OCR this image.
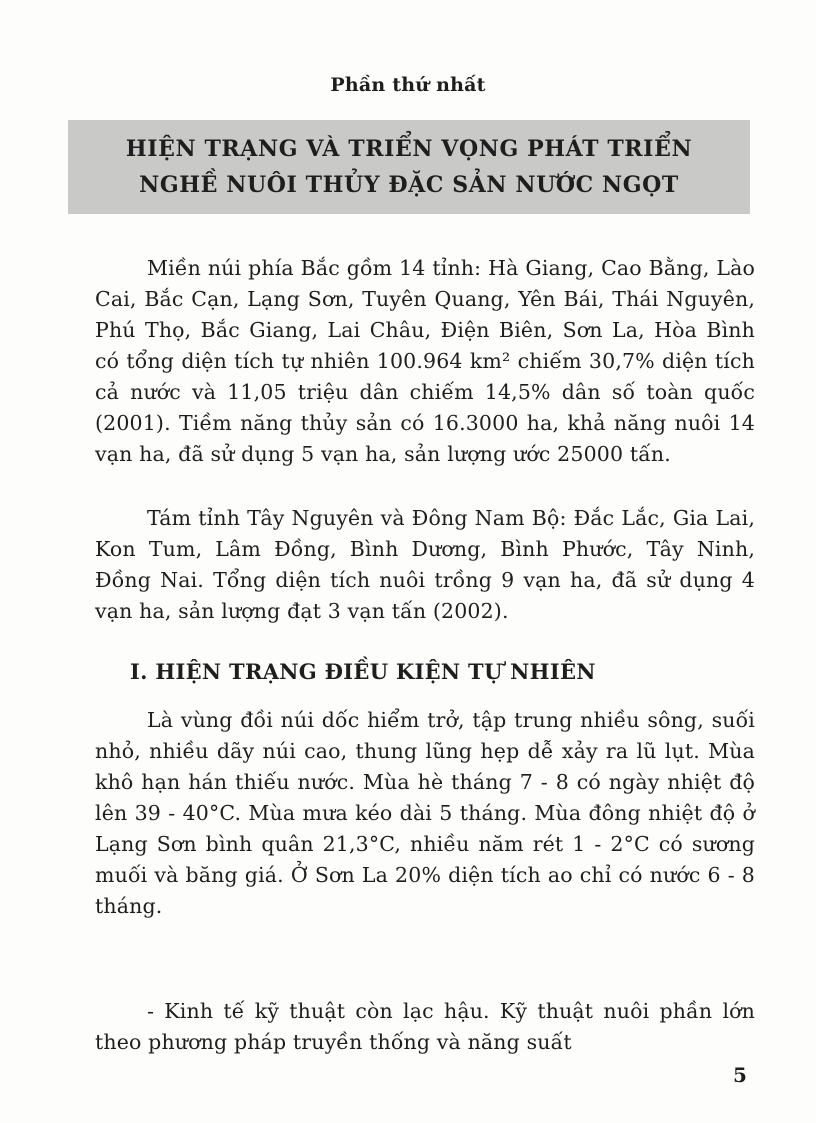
Phần thứ nhất
HIỆN TRẠNG VÀ TRIỂN VỌNG PHÁT TRIỂN
NGHỀ NUÔI THỦY ĐẶC SẢN NƯỚC NGỌT

Miền núi phía Bắc gồm 14 tỉnh: Hà Giang, Cao Bằng, Lào Cai, Bắc Cạn, Lạng Sơn, Tuyên Quang, Yên Bái, Thái Nguyên, Phú Thọ, Bắc Giang, Lai Châu, Điện Biên, Sơn La, Hòa Bình có tổng diện tích tự nhiên 100.964 km² chiếm 30,7% diện tích cả nước và 11,05 triệu dân chiếm 14,5% dân số toàn quốc (2001). Tiềm năng thủy sản có 16.3000 ha, khả năng nuôi 14 vạn ha, đã sử dụng 5 vạn ha, sản lượng ước 25000 tấn.

Tám tỉnh Tây Nguyên và Đông Nam Bộ: Đắc Lắc, Gia Lai, Kon Tum, Lâm Đồng, Bình Dương, Bình Phước, Tây Ninh, Đồng Nai. Tổng diện tích nuôi trồng 9 vạn ha, đã sử dụng 4 vạn ha, sản lượng đạt 3 vạn tấn (2002).

I. HIỆN TRẠNG ĐIỀU KIỆN TỰ NHIÊN

Là vùng đồi núi dốc hiểm trở, tập trung nhiều sông, suối nhỏ, nhiều dãy núi cao, thung lũng hẹp dễ xảy ra lũ lụt. Mùa khô hạn hán thiếu nước. Mùa hè tháng 7 - 8 có ngày nhiệt độ lên 39 - 40°C. Mùa mưa kéo dài 5 tháng. Mùa đông nhiệt độ ở Lạng Sơn bình quân 21,3°C, nhiều năm rét 1 - 2°C có sương muối và băng giá. Ở Sơn La 20% diện tích ao chỉ có nước 6 - 8 tháng.

- Kinh tế kỹ thuật còn lạc hậu. Kỹ thuật nuôi phần lớn theo phương pháp truyền thống và năng suất

5
